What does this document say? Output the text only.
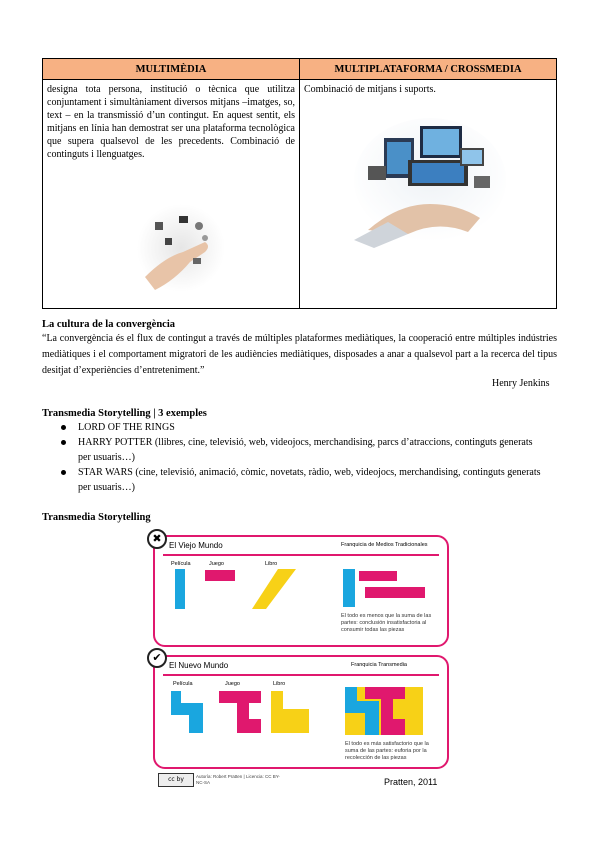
MULTIMÈDIA	MULTIPLATAFORMA / CROSSMEDIA

designa tota persona, institució o tècnica que utilitza conjuntament i simultàniament diversos mitjans –imatges, so, text – en la transmissió d’un contingut. En aquest sentit, els mitjans en línia han demostrat ser una plataforma tecnològica que supera qualsevol de les precedents. Combinació de continguts i llenguatges.	Combinació de mitjans i suports.
La cultura de la convergència
“La convergència és el flux de contingut a través de múltiples plataformes mediàtiques, la cooperació entre múltiples indústries mediàtiques i el comportament migratori de les audiències mediàtiques, disposades a anar a qualsevol part a la recerca del tipus desitjat d’experiències d’entreteniment.”
Henry Jenkins
Transmedia Storytelling | 3 exemples
LORD OF THE RINGS
HARRY POTTER (llibres, cine, televisió, web, videojocs, merchandising, parcs d’atraccions, continguts generats per usuaris…)
STAR WARS (cine, televisió, animació, còmic, novetats, ràdio, web, videojocs, merchandising, continguts generats per usuaris…)
Transmedia Storytelling
El Viejo Mundo	Franquicia de Medios Tradicionales
Película	Juego	Libro
El todo es menos que la suma de las partes: conclusión insatisfactoria al consumir todas las piezas
✖
El Nuevo Mundo	Franquicia Transmedia
Película	Juego	Libro
El todo es más satisfactorio que la suma de las partes: euforia por la recolección de las piezas
✔
cc by	Autoría: Robert Pratten | Licencia: CC BY-NC-SA	Pratten, 2011
